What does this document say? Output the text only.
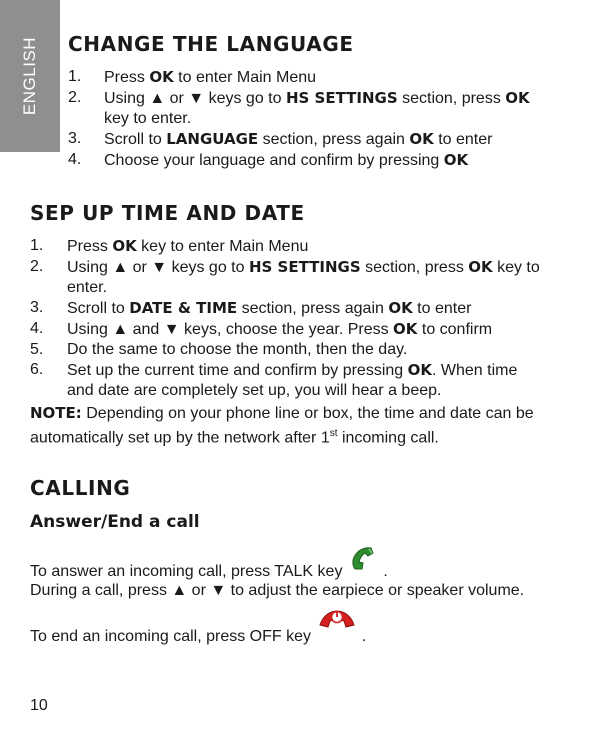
ENGLISH CHANGE THE LANGUAGE
1. Press OK to enter Main Menu
2. Using ▲ or ▼ keys go to HS SETTINGS section, press OK key to enter.
3. Scroll to LANGUAGE section, press again OK to enter
4. Choose your language and confirm by pressing OK
SEP UP TIME AND DATE
1. Press OK key to enter Main Menu
2. Using ▲ or ▼ keys go to HS SETTINGS section, press OK key to enter.
3. Scroll to DATE & TIME section, press again OK to enter
4. Using ▲ and ▼ keys, choose the year. Press OK to confirm
5. Do the same to choose the month, then the day.
6. Set up the current time and confirm by pressing OK. When time and date are completely set up, you will hear a beep.
NOTE: Depending on your phone line or box, the time and date can be automatically set up by the network after 1st incoming call.
CALLING
Answer/End a call
To answer an incoming call, press TALK key	.
During a call, press ▲ or ▼ to adjust the earpiece or speaker volume.
To end an incoming call, press OFF key	.
10
